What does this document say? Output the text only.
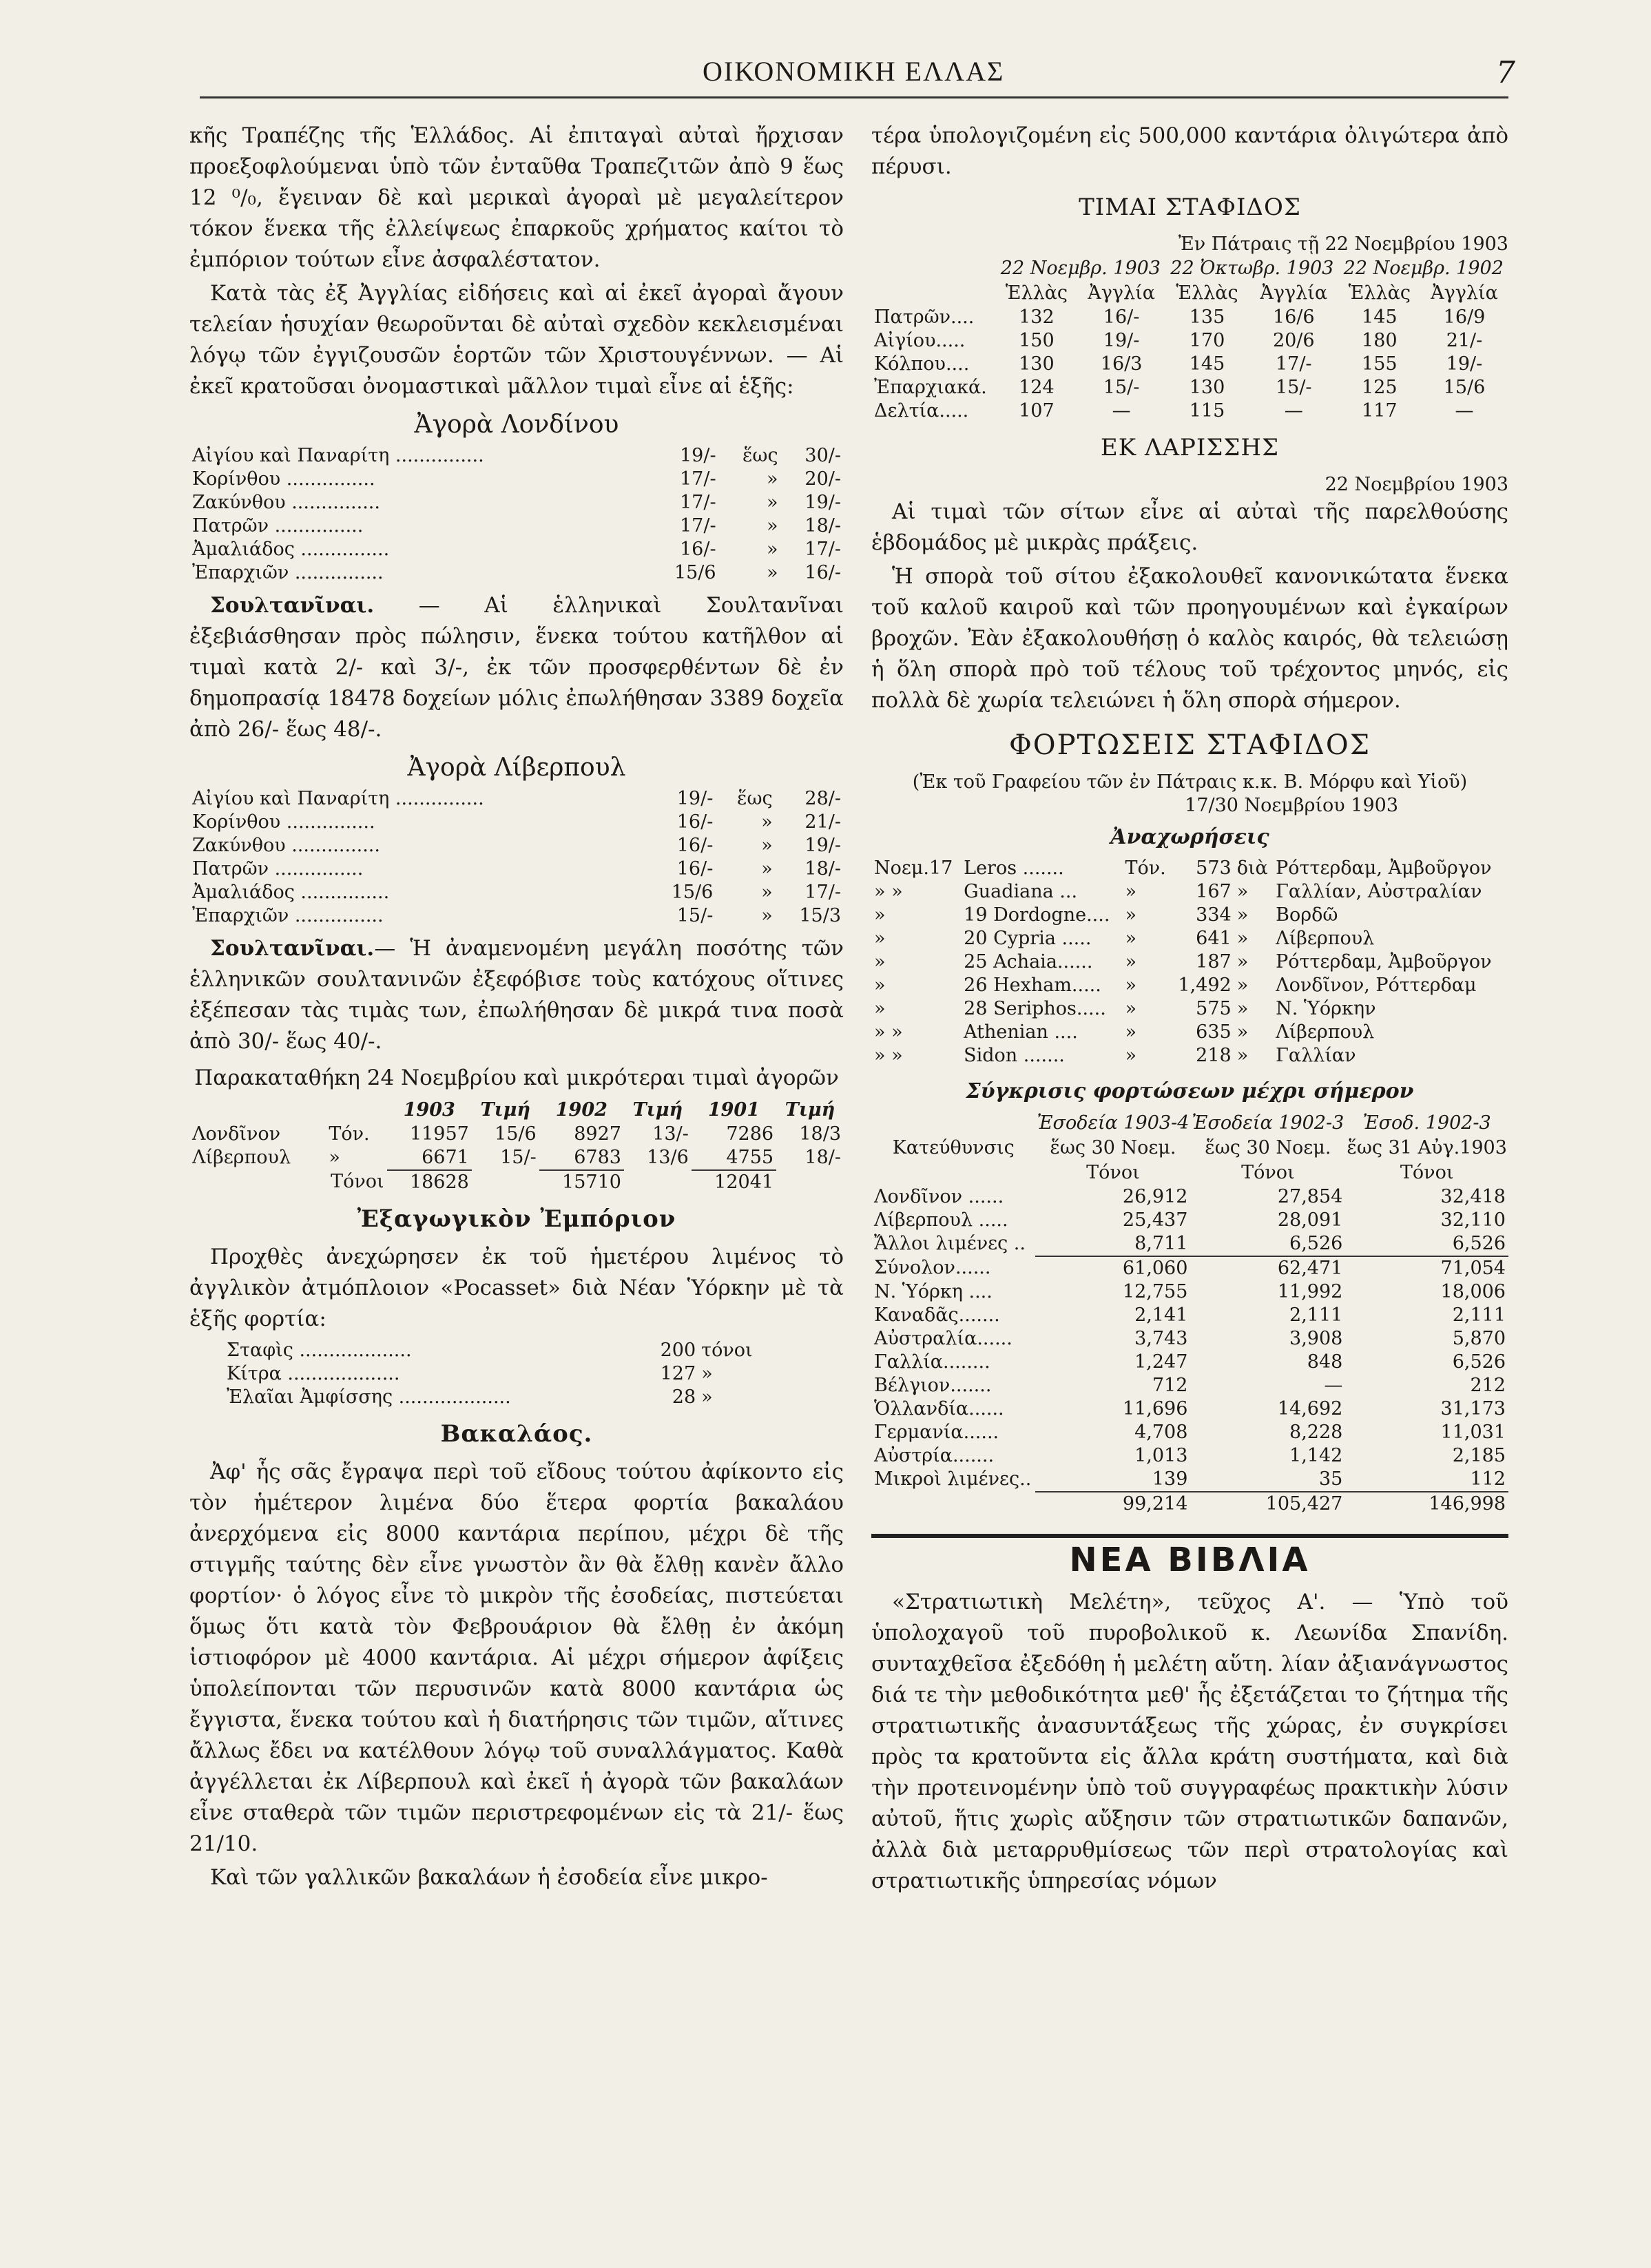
ΟΙΚΟΝΟΜΙΚΗ ΕΛΛΑΣ	7

κῆς Τραπέζης τῆς Ἑλλάδος. Αἱ ἐπιταγαὶ αὐταὶ ἤρχισαν προεξοφλούμεναι ὑπὸ τῶν ἐνταῦθα Τραπεζιτῶν ἀπὸ 9 ἕως 12 ⁰/₀, ἔγειναν δὲ καὶ μερικαὶ ἀγοραὶ μὲ μεγαλείτερον τόκον ἕνεκα τῆς ἐλλείψεως ἐπαρκοῦς χρήματος καίτοι τὸ ἐμπόριον τούτων εἶνε ἀσφαλέστατον.

Κατὰ τὰς ἐξ Ἀγγλίας εἰδήσεις καὶ αἱ ἐκεῖ ἀγοραὶ ἄγουν τελείαν ἡσυχίαν θεωροῦνται δὲ αὐταὶ σχεδὸν κεκλεισμέναι λόγῳ τῶν ἐγγιζουσῶν ἑορτῶν τῶν Χριστουγέννων. — Αἱ ἐκεῖ κρατοῦσαι ὀνομαστικαὶ μᾶλλον τιμαὶ εἶνε αἱ ἑξῆς:

Ἀγορὰ Λονδίνου
Αἰγίου καὶ Παναρίτη ...............	19/-	ἕως	30/-
Κορίνθου ...............	17/-	»	20/-
Ζακύνθου ...............	17/-	»	19/-
Πατρῶν ...............	17/-	»	18/-
Ἀμαλιάδος ...............	16/-	»	17/-
Ἐπαρχιῶν ...............	15/6	»	16/-

Σουλτανῖναι. — Αἱ ἑλληνικαὶ Σουλτανῖναι ἐξεβιάσθησαν πρὸς πώλησιν, ἕνεκα τούτου κατῆλθον αἱ τιμαὶ κατὰ 2/- καὶ 3/-, ἐκ τῶν προσφερθέντων δὲ ἐν δημοπρασίᾳ 18478 δοχείων μόλις ἐπωλήθησαν 3389 δοχεῖα ἀπὸ 26/- ἕως 48/-.

Ἀγορὰ Λίβερπουλ
Αἰγίου καὶ Παναρίτη ...............	19/-	ἕως	28/-
Κορίνθου ...............	16/-	»	21/-
Ζακύνθου ...............	16/-	»	19/-
Πατρῶν ...............	16/-	»	18/-
Ἀμαλιάδος ...............	15/6	»	17/-
Ἐπαρχιῶν ...............	15/-	»	15/3

Σουλτανῖναι.— Ἡ ἀναμενομένη μεγάλη ποσότης τῶν ἑλληνικῶν σουλτανινῶν ἐξεφόβισε τοὺς κατόχους οἵτινες ἐξέπεσαν τὰς τιμὰς των, ἐπωλήθησαν δὲ μικρά τινα ποσὰ ἀπὸ 30/- ἕως 40/-.

Παρακαταθήκη 24 Νοεμβρίου καὶ μικρότεραι τιμαὶ ἀγορῶν
		1903	Τιμή	1902	Τιμή	1901	Τιμή
Λονδῖνον	Τόν.	11957	15/6	8927	13/-	7286	18/3
Λίβερπουλ	»	6671	15/-	6783	13/6	4755	18/-
Τόνοι		18628		15710		12041	
Ἐξαγωγικὸν Ἐμπόριον

Προχθὲς ἀνεχώρησεν ἐκ τοῦ ἡμετέρου λιμένος τὸ ἀγγλικὸν ἀτμόπλοιον «Pocasset» διὰ Νέαν Ὑόρκην μὲ τὰ ἑξῆς φορτία:

Σταφὶς ...................	200	τόνοι
Κίτρα ...................	127	»
Ἐλαῖαι Ἀμφίσσης ...................	28	»
Βακαλάος.

Ἀφ' ἧς σᾶς ἔγραψα περὶ τοῦ εἴδους τούτου ἀφίκοντο εἰς τὸν ἡμέτερον λιμένα δύο ἕτερα φορτία βακαλάου ἀνερχόμενα εἰς 8000 καντάρια περίπου, μέχρι δὲ τῆς στιγμῆς ταύτης δὲν εἶνε γνωστὸν ἂν θὰ ἔλθῃ κανὲν ἄλλο φορτίον· ὁ λόγος εἶνε τὸ μικρὸν τῆς ἐσοδείας, πιστεύεται ὅμως ὅτι κατὰ τὸν Φεβρουάριον θὰ ἔλθῃ ἐν ἀκόμη ἱστιοφόρον μὲ 4000 καντάρια. Αἱ μέχρι σήμερον ἀφίξεις ὑπολείπονται τῶν περυσινῶν κατὰ 8000 καντάρια ὡς ἔγγιστα, ἕνεκα τούτου καὶ ἡ διατήρησις τῶν τιμῶν, αἵτινες ἄλλως ἔδει να κατέλθουν λόγῳ τοῦ συναλλάγματος. Καθὰ ἀγγέλλεται ἐκ Λίβερπουλ καὶ ἐκεῖ ἡ ἀγορὰ τῶν βακαλάων εἶνε σταθερὰ τῶν τιμῶν περιστρεφομένων εἰς τὰ 21/- ἕως 21/10.

Καὶ τῶν γαλλικῶν βακαλάων ἡ ἐσοδεία εἶνε μικρο-

τέρα ὑπολογιζομένη εἰς 500,000 καντάρια ὀλιγώτερα ἀπὸ πέρυσι.

ΤΙΜΑΙ ΣΤΑΦΙΔΟΣ
Ἐν Πάτραις τῇ 22 Νοεμβρίου 1903
	22 Νοεμβρ. 1903		22 Ὀκτωβρ. 1903		22 Νοεμβρ. 1902	
	Ἑλλὰς	Ἀγγλία	Ἑλλὰς	Ἀγγλία	Ἑλλὰς	Ἀγγλία
Πατρῶν....	132	16/-	135	16/6	145	16/9
Αἰγίου.....	150	19/-	170	20/6	180	21/-
Κόλπου....	130	16/3	145	17/-	155	19/-
Ἐπαρχιακά.	124	15/-	130	15/-	125	15/6
Δελτία.....	107	—	115	—	117	—
ΕΚ ΛΑΡΙΣΣΗΣ
22 Νοεμβρίου 1903

Αἱ τιμαὶ τῶν σίτων εἶνε αἱ αὐταὶ τῆς παρελθούσης ἑβδομάδος μὲ μικρὰς πράξεις.

Ἡ σπορὰ τοῦ σίτου ἐξακολουθεῖ κανονικώτατα ἕνεκα τοῦ καλοῦ καιροῦ καὶ τῶν προηγουμένων καὶ ἐγκαίρων βροχῶν. Ἐὰν ἐξακολουθήσῃ ὁ καλὸς καιρός, θὰ τελειώσῃ ἡ ὅλη σπορὰ πρὸ τοῦ τέλους τοῦ τρέχοντος μηνός, εἰς πολλὰ δὲ χωρία τελειώνει ἡ ὅλη σπορὰ σήμερον.

ΦΟΡΤΩΣΕΙΣ ΣΤΑΦΙΔΟΣ
(Ἐκ τοῦ Γραφείου τῶν ἐν Πάτραις κ.κ. Β. Μόρφυ καὶ Υἱοῦ)
17/30 Νοεμβρίου 1903
Ἀναχωρήσεις
Νοεμ.17	Leros .......	Τόν.	573	διὰ	Ρόττερδαμ, Ἀμβοῦργον
» »	Guadiana ...	»	167	»	Γαλλίαν, Αὐστραλίαν
»	19 Dordogne....	»	334	»	Βορδῶ
»	20 Cypria .....	»	641	»	Λίβερπουλ
»	25 Achaia......	»	187	»	Ρόττερδαμ, Ἀμβοῦργον
»	26 Hexham.....	»	1,492	»	Λονδῖνον, Ρόττερδαμ
»	28 Seriphos.....	»	575	»	Ν. Ὑόρκην
» »	Athenian ....	»	635	»	Λίβερπουλ
» »	Sidon .......	»	218	»	Γαλλίαν
Σύγκρισις φορτώσεων μέχρι σήμερον
	Ἐσοδεία 1903-4	Ἐσοδεία 1902-3	Ἐσοδ. 1902-3
Κατεύθυνσις	ἕως 30 Νοεμ.	ἕως 30 Νοεμ.	ἕως 31 Αὐγ.1903
	Τόνοι	Τόνοι	Τόνοι
Λονδῖνον ......	26,912	27,854	32,418
Λίβερπουλ .....	25,437	28,091	32,110
Ἄλλοι λιμένες ..	8,711	6,526	6,526
Σύνολον......	61,060	62,471	71,054
Ν. Ὑόρκη ....	12,755	11,992	18,006
Καναδᾶς.......	2,141	2,111	2,111
Αὐστραλία......	3,743	3,908	5,870
Γαλλία........	1,247	848	6,526
Βέλγιον.......	712	—	212
Ὁλλανδία......	11,696	14,692	31,173
Γερμανία......	4,708	8,228	11,031
Αὐστρία.......	1,013	1,142	2,185
Μικροὶ λιμένες..	139	35	112
	99,214	105,427	146,998
ΝΕΑ ΒΙΒΛΙΑ

«Στρατιωτικὴ Μελέτη», τεῦχος Α'. — Ὑπὸ τοῦ ὑπολοχαγοῦ τοῦ πυροβολικοῦ κ. Λεωνίδα Σπανίδη. συνταχθεῖσα ἐξεδόθη ἡ μελέτη αὕτη. λίαν ἀξιανάγνωστος διά τε τὴν μεθοδικότητα μεθ' ἧς ἐξετάζεται το ζήτημα τῆς στρατιωτικῆς ἀνασυντάξεως τῆς χώρας, ἐν συγκρίσει πρὸς τα κρατοῦντα εἰς ἄλλα κράτη συστήματα, καὶ διὰ τὴν προτεινομένην ὑπὸ τοῦ συγγραφέως πρακτικὴν λύσιν αὐτοῦ, ἥτις χωρὶς αὔξησιν τῶν στρατιωτικῶν δαπανῶν, ἀλλὰ διὰ μεταρρυθμίσεως τῶν περὶ στρατολογίας καὶ στρατιωτικῆς ὑπηρεσίας νόμων
